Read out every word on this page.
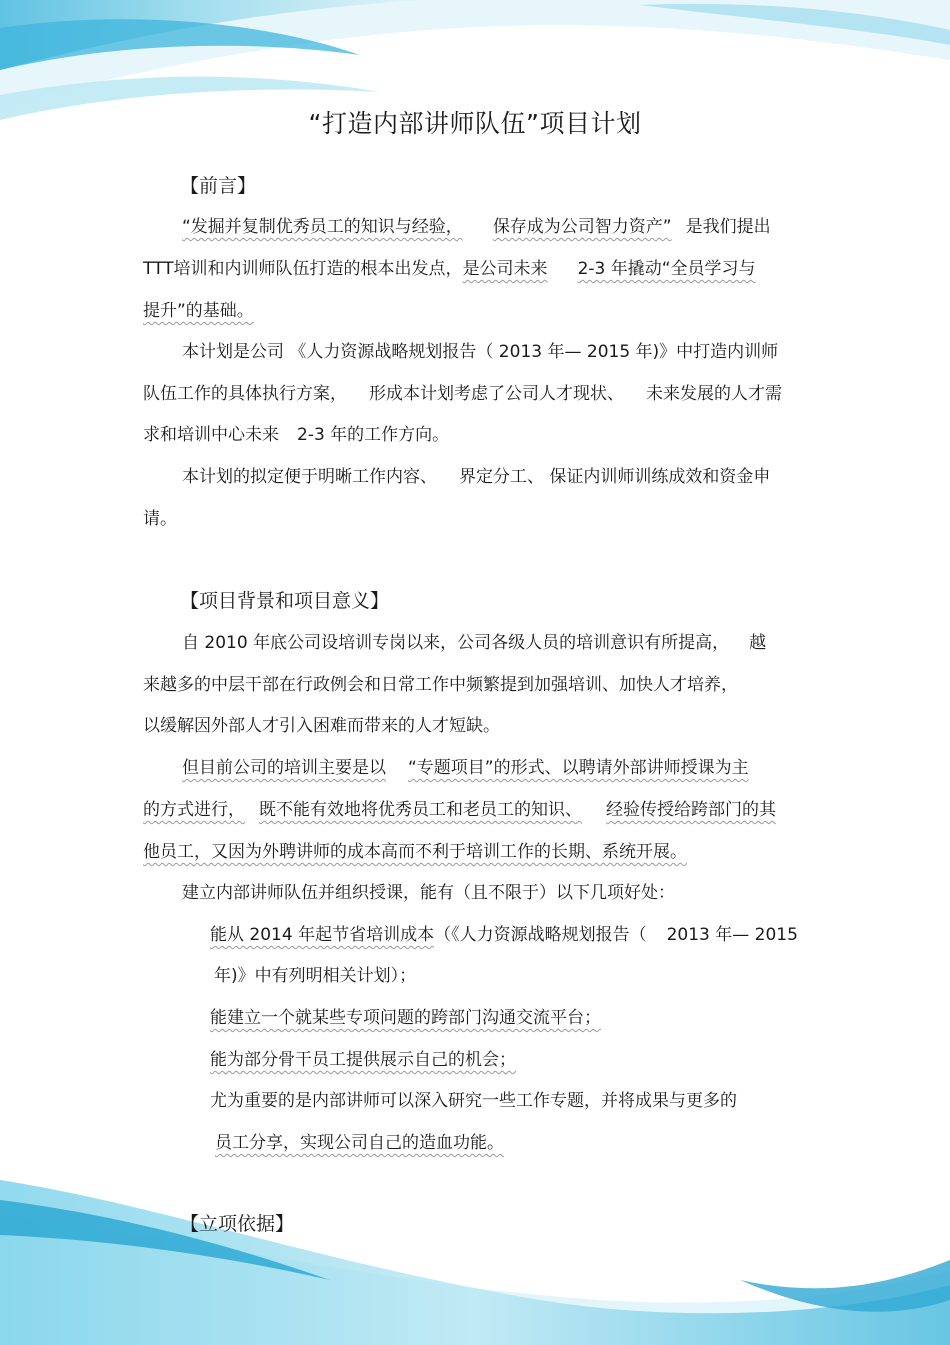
“打造内部讲师队伍”项目计划
【前言】
“发掘并复制优秀员工的知识与经验， 保存成为公司智力资产” 是我们提出
TTT培训和内训师队伍打造的根本出发点，是公司未来 2-3 年撬动“全员学习与
提升”的基础。
本计划是公司 《人力资源战略规划报告（ 2013 年— 2015 年)》中打造内训师
队伍工作的具体执行方案， 形成本计划考虑了公司人才现状、 未来发展的人才需
求和培训中心未来 2-3 年的工作方向。
本计划的拟定便于明晰工作内容、 界定分工、 保证内训师训练成效和资金申
请。
【项目背景和项目意义】
自 2010 年底公司设培训专岗以来，公司各级人员的培训意识有所提高， 越
来越多的中层干部在行政例会和日常工作中频繁提到加强培训、加快人才培养，
以缓解因外部人才引入困难而带来的人才短缺。
但目前公司的培训主要是以 “专题项目”的形式、以聘请外部讲师授课为主
的方式进行， 既不能有效地将优秀员工和老员工的知识、 经验传授给跨部门的其
他员工，又因为外聘讲师的成本高而不利于培训工作的长期、系统开展。
建立内部讲师队伍并组织授课，能有（且不限于）以下几项好处：
能从 2014 年起节省培训成本（《人力资源战略规划报告（ 2013 年— 2015
年)》中有列明相关计划）；
能建立一个就某些专项问题的跨部门沟通交流平台；
能为部分骨干员工提供展示自己的机会；
尤为重要的是内部讲师可以深入研究一些工作专题，并将成果与更多的
员工分享，实现公司自己的造血功能。
【立项依据】
